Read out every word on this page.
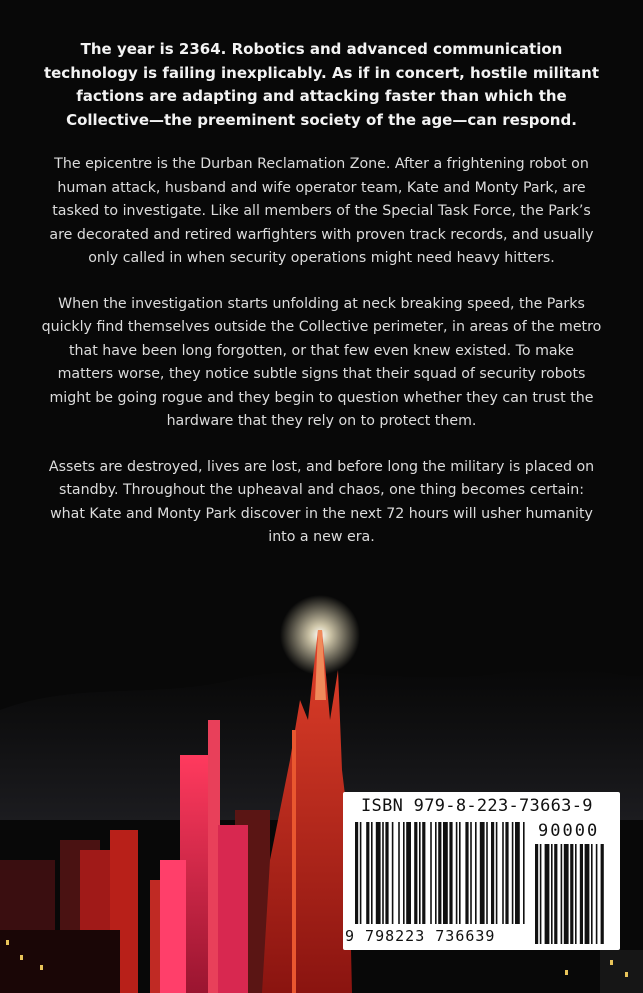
The year is 2364. Robotics and advanced communication technology is failing inexplicably. As if in concert, hostile militant factions are adapting and attacking faster than which the Collective—the preeminent society of the age—can respond.

The epicentre is the Durban Reclamation Zone. After a frightening robot on human attack, husband and wife operator team, Kate and Monty Park, are tasked to investigate. Like all members of the Special Task Force, the Park’s are decorated and retired warfighters with proven track records, and usually only called in when security operations might need heavy hitters.

When the investigation starts unfolding at neck breaking speed, the Parks quickly find themselves outside the Collective perimeter, in areas of the metro that have been long forgotten, or that few even knew existed. To make matters worse, they notice subtle signs that their squad of security robots might be going rogue and they begin to question whether they can trust the hardware that they rely on to protect them.

Assets are destroyed, lives are lost, and before long the military is placed on standby. Throughout the upheaval and chaos, one thing becomes certain: what Kate and Monty Park discover in the next 72 hours will usher humanity into a new era.

ISBN 979-8-223-73663-9
90000
9 798223 736639
